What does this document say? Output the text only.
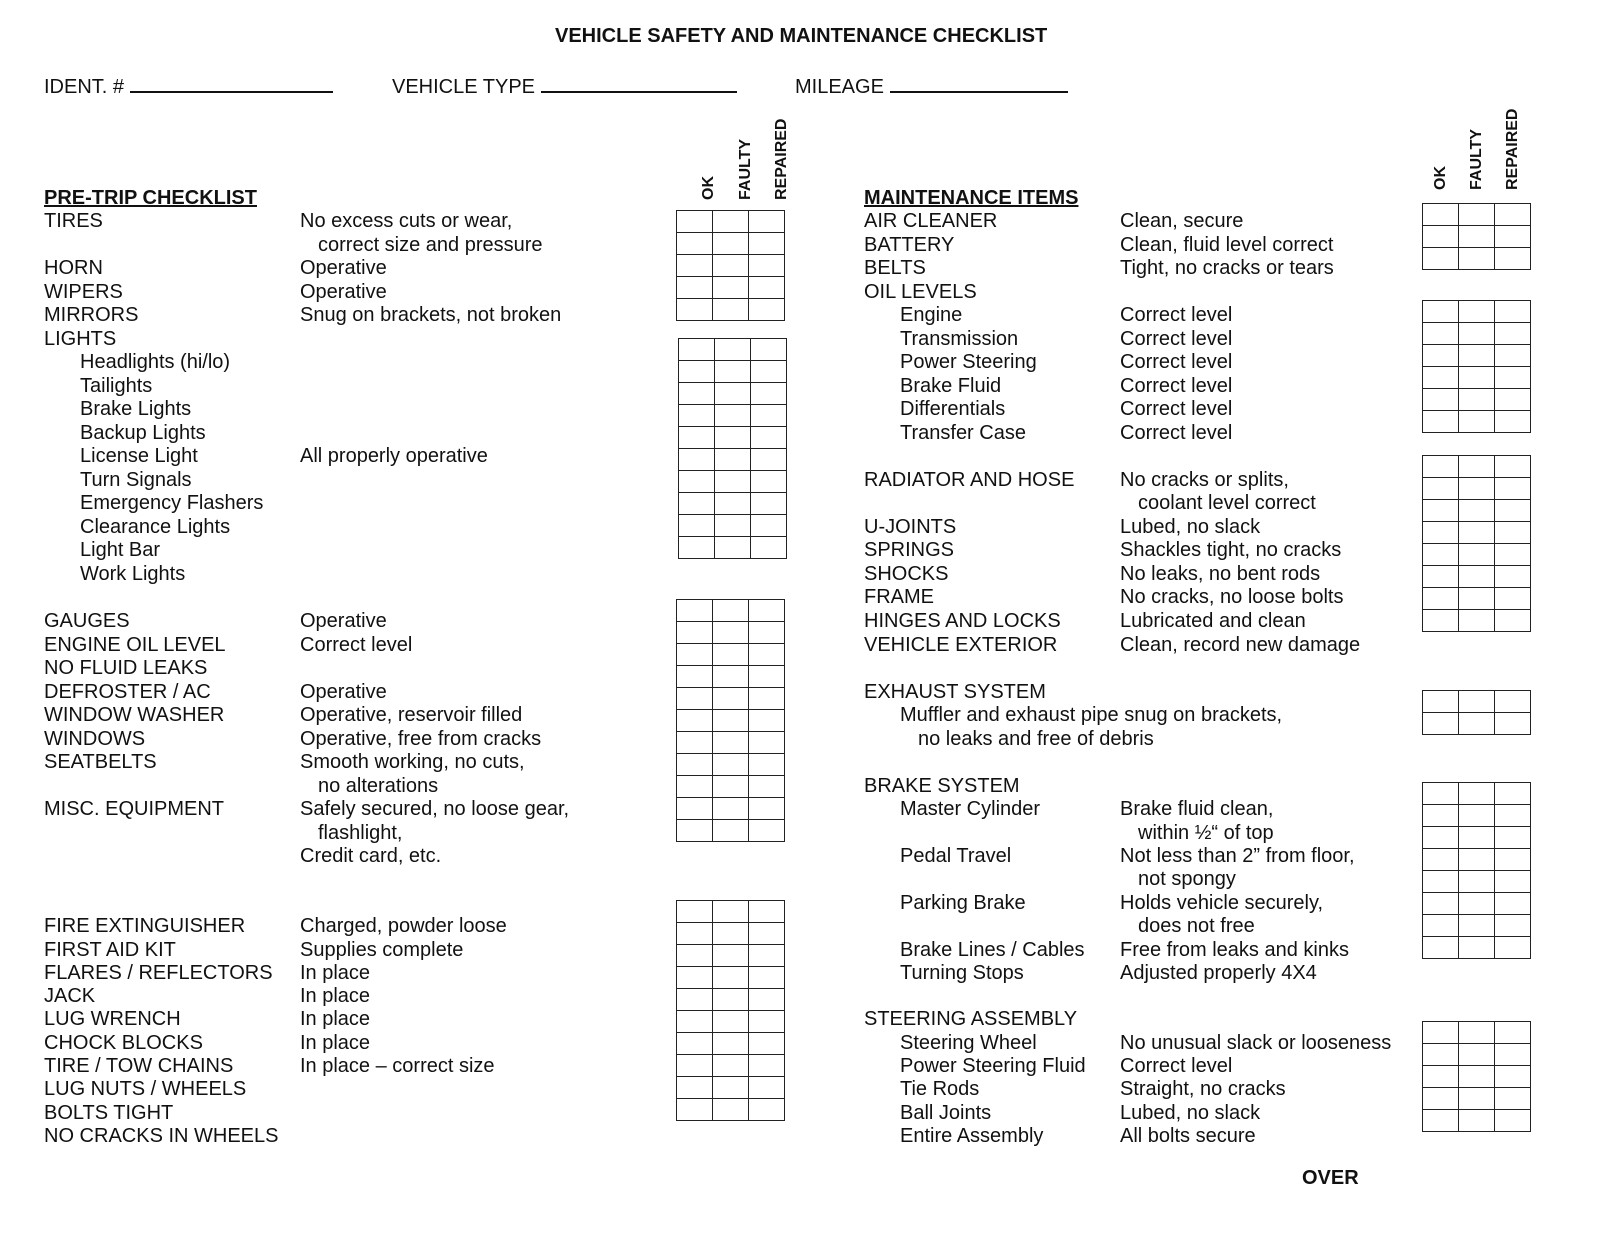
VEHICLE SAFETY AND MAINTENANCE CHECKLIST
IDENT. #	VEHICLE TYPE	MILEAGE
OK FAULTY REPAIRED	OK FAULTY REPAIRED
PRE-TRIP CHECKLIST	MAINTENANCE ITEMS
TIRES	No excess cuts or wear,
correct size and pressure
HORN	Operative
WIPERS	Operative
MIRRORS	Snug on brackets, not broken
LIGHTS
Headlights (hi/lo)
Tailights
Brake Lights
Backup Lights
License Light	All properly operative
Turn Signals
Emergency Flashers
Clearance Lights
Light Bar
Work Lights
GAUGES	Operative
ENGINE OIL LEVEL	Correct level
NO FLUID LEAKS
DEFROSTER / AC	Operative
WINDOW WASHER	Operative, reservoir filled
WINDOWS	Operative, free from cracks
SEATBELTS	Smooth working, no cuts,
no alterations
MISC. EQUIPMENT	Safely secured, no loose gear,
flashlight,
Credit card, etc.
FIRE EXTINGUISHER	Charged, powder loose
FIRST AID KIT	Supplies complete
FLARES / REFLECTORS In place
JACK	In place
LUG WRENCH	In place
CHOCK BLOCKS	In place
TIRE / TOW CHAINS	In place – correct size
LUG NUTS / WHEELS
BOLTS TIGHT
NO CRACKS IN WHEELS
AIR CLEANER	Clean, secure
BATTERY	Clean, fluid level correct
BELTS	Tight, no cracks or tears
OIL LEVELS
Engine	Correct level
Transmission	Correct level
Power Steering	Correct level
Brake Fluid	Correct level
Differentials	Correct level
Transfer Case	Correct level
RADIATOR AND HOSE No cracks or splits,
coolant level correct
U-JOINTS	Lubed, no slack
SPRINGS	Shackles tight, no cracks
SHOCKS	No leaks, no bent rods
FRAME	No cracks, no loose bolts
HINGES AND LOCKS	Lubricated and clean
VEHICLE EXTERIOR	Clean, record new damage
EXHAUST SYSTEM
Muffler and exhaust pipe snug on brackets,
no leaks and free of debris
BRAKE SYSTEM
Master Cylinder	Brake fluid clean,
within ½“ of top
Pedal Travel	Not less than 2” from floor,
not spongy
Parking Brake	Holds vehicle securely,
does not free
Brake Lines / Cables Free from leaks and kinks
Turning Stops	Adjusted properly 4X4
STEERING ASSEMBLY
Steering Wheel	No unusual slack or looseness
Power Steering Fluid Correct level
Tie Rods	Straight, no cracks
Ball Joints	Lubed, no slack
Entire Assembly	All bolts secure
OVER
